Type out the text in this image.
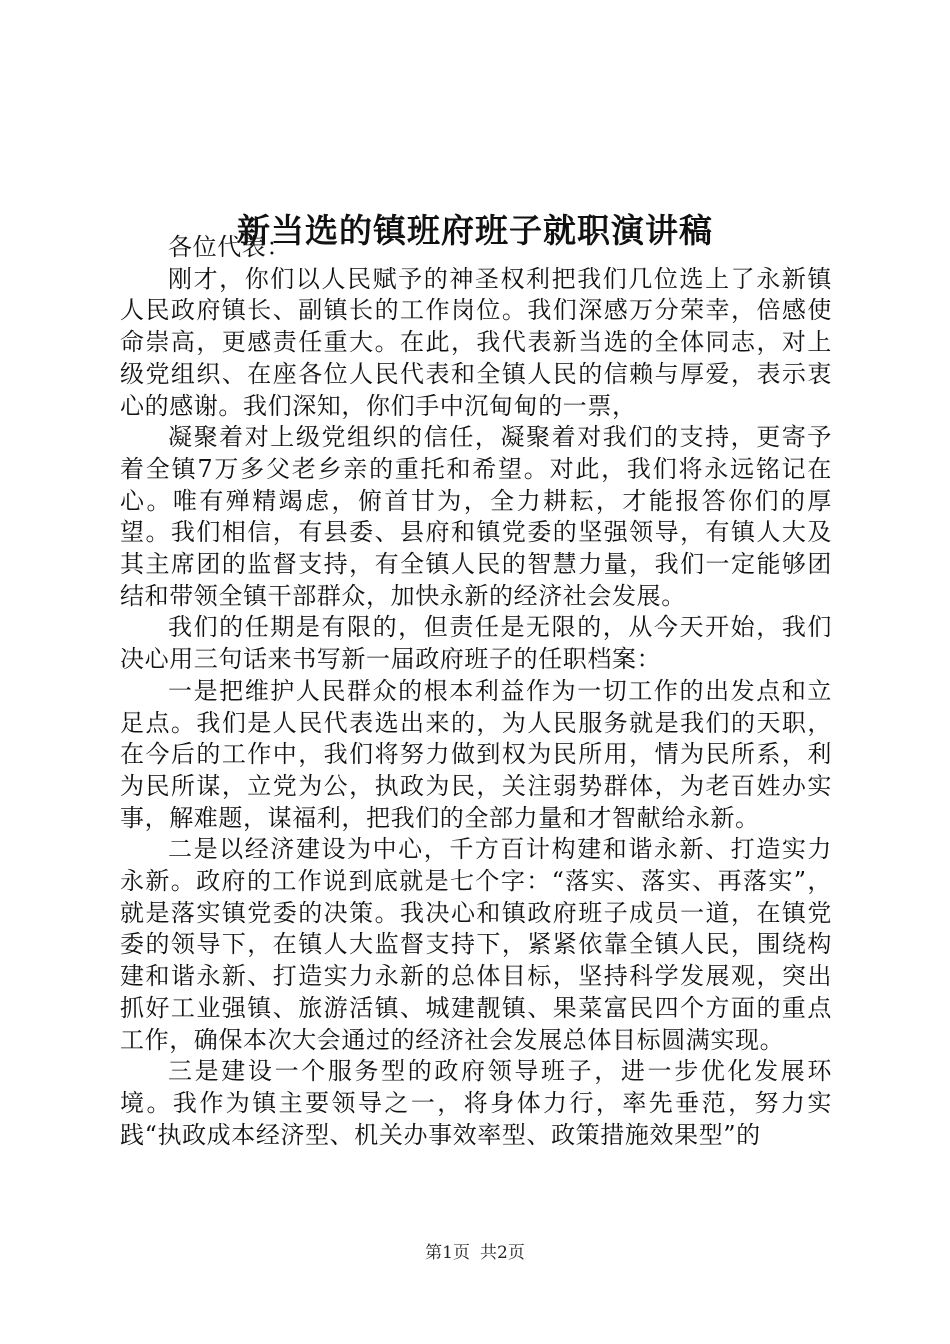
新当选的镇班府班子就职演讲稿

各位代表：

刚才，你们以人民赋予的神圣权利把我们几位选上了永新镇人民政府镇长、副镇长的工作岗位。我们深感万分荣幸，倍感使命崇高，更感责任重大。在此，我代表新当选的全体同志，对上级党组织、在座各位人民代表和全镇人民的信赖与厚爱，表示衷心的感谢。我们深知，你们手中沉甸甸的一票，

凝聚着对上级党组织的信任，凝聚着对我们的支持，更寄予着全镇7万多父老乡亲的重托和希望。对此，我们将永远铭记在心。唯有殚精竭虑，俯首甘为，全力耕耘，才能报答你们的厚望。我们相信，有县委、县府和镇党委的坚强领导，有镇人大及其主席团的监督支持，有全镇人民的智慧力量，我们一定能够团结和带领全镇干部群众，加快永新的经济社会发展。

我们的任期是有限的，但责任是无限的，从今天开始，我们决心用三句话来书写新一届政府班子的任职档案：

一是把维护人民群众的根本利益作为一切工作的出发点和立足点。我们是人民代表选出来的，为人民服务就是我们的天职，在今后的工作中，我们将努力做到权为民所用，情为民所系，利为民所谋，立党为公，执政为民，关注弱势群体，为老百姓办实事，解难题，谋福利，把我们的全部力量和才智献给永新。

二是以经济建设为中心，千方百计构建和谐永新、打造实力永新。政府的工作说到底就是七个字：“落实、落实、再落实”，就是落实镇党委的决策。我决心和镇政府班子成员一道，在镇党委的领导下，在镇人大监督支持下，紧紧依靠全镇人民，围绕构建和谐永新、打造实力永新的总体目标，坚持科学发展观，突出抓好工业强镇、旅游活镇、城建靓镇、果菜富民四个方面的重点工作，确保本次大会通过的经济社会发展总体目标圆满实现。

三是建设一个服务型的政府领导班子，进一步优化发展环境。我作为镇主要领导之一，将身体力行，率先垂范，努力实践“执政成本经济型、机关办事效率型、政策措施效果型”的

第1页 共2页
